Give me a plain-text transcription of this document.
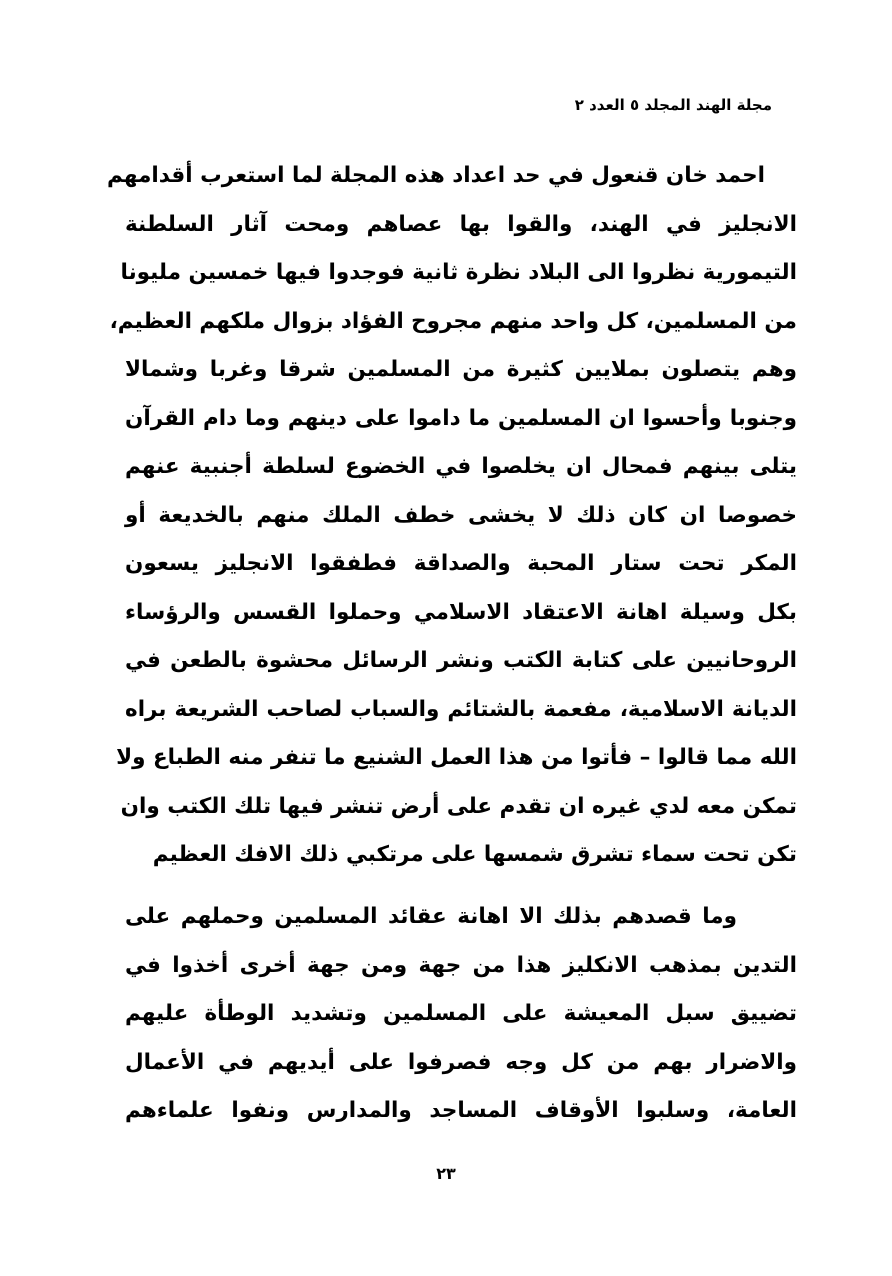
مجلة الهند المجلد ٥ العدد ٢
احمد خان قنعول في حد اعداد هذه المجلة لما استعرب أقدامهم
الانجليز في الهند، والقوا بها عصاهم ومحت آثار السلطنة
التيمورية نظروا الى البلاد نظرة ثانية فوجدوا فيها خمسين مليونا
من المسلمين، كل واحد منهم مجروح الفؤاد بزوال ملكهم العظيم،
وهم يتصلون بملايين كثيرة من المسلمين شرقا وغربا وشمالا
وجنوبا وأحسوا ان المسلمين ما داموا على دينهم وما دام القرآن
يتلى بينهم فمحال ان يخلصوا في الخضوع لسلطة أجنبية عنهم
خصوصا ان كان ذلك لا يخشى خطف الملك منهم بالخديعة أو
المكر تحت ستار المحبة والصداقة فطفقوا الانجليز يسعون
بكل وسيلة اهانة الاعتقاد الاسلامي وحملوا القسس والرؤساء
الروحانيين على كتابة الكتب ونشر الرسائل محشوة بالطعن في
الديانة الاسلامية، مفعمة بالشتائم والسباب لصاحب الشريعة براه
الله مما قالوا – فأتوا من هذا العمل الشنيع ما تنفر منه الطباع ولا
تمكن معه لدي غيره ان تقدم على أرض تنشر فيها تلك الكتب وان
تكن تحت سماء تشرق شمسها على مرتكبي ذلك الافك العظيم
وما قصدهم بذلك الا اهانة عقائد المسلمين وحملهم على
التدين بمذهب الانكليز هذا من جهة ومن جهة أخرى أخذوا في
تضييق سبل المعيشة على المسلمين وتشديد الوطأة عليهم
والاضرار بهم من كل وجه فصرفوا على أيديهم في الأعمال
العامة، وسلبوا الأوقاف المساجد والمدارس ونفوا علماءهم
٢٣
